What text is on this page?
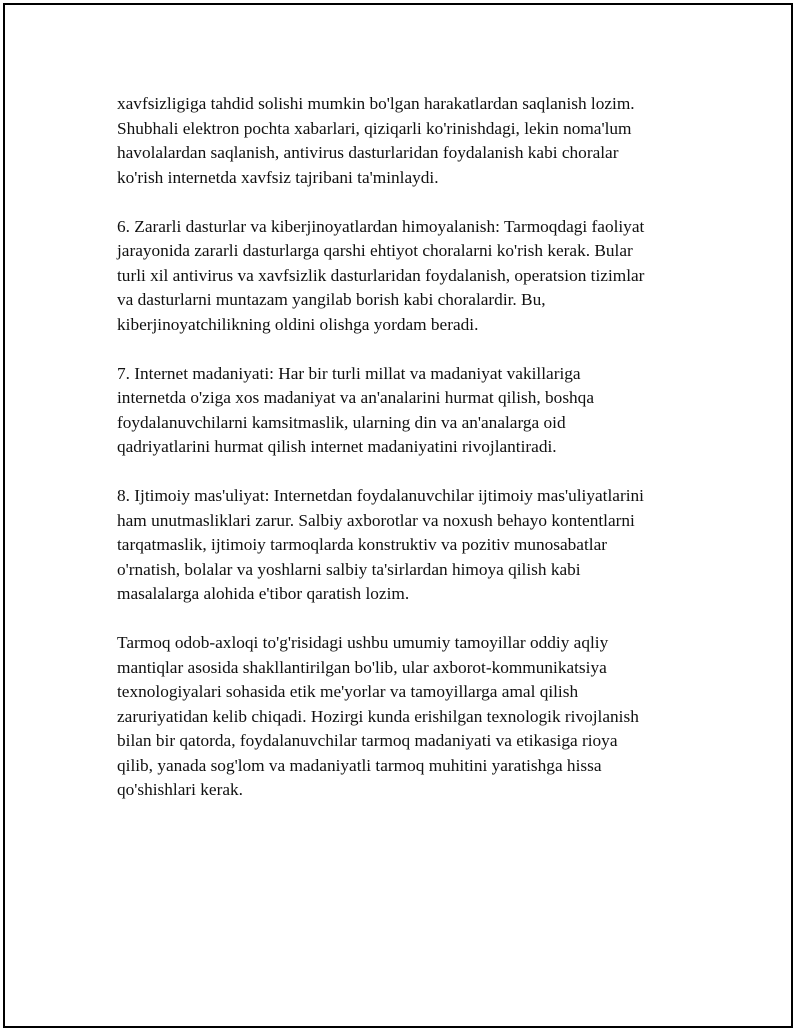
xavfsizligiga tahdid solishi mumkin bo'lgan harakatlardan saqlanish lozim.
Shubhali elektron pochta xabarlari, qiziqarli ko'rinishdagi, lekin noma'lum
havolalardan saqlanish, antivirus dasturlaridan foydalanish kabi choralar
ko'rish internetda xavfsiz tajribani ta'minlaydi.

6. Zararli dasturlar va kiberjinoyatlardan himoyalanish: Tarmoqdagi faoliyat
jarayonida zararli dasturlarga qarshi ehtiyot choralarni ko'rish kerak. Bular
turli xil antivirus va xavfsizlik dasturlaridan foydalanish, operatsion tizimlar
va dasturlarni muntazam yangilab borish kabi choralardir. Bu,
kiberjinoyatchilikning oldini olishga yordam beradi.

7. Internet madaniyati: Har bir turli millat va madaniyat vakillariga
internetda o'ziga xos madaniyat va an'analarini hurmat qilish, boshqa
foydalanuvchilarni kamsitmaslik, ularning din va an'analarga oid
qadriyatlarini hurmat qilish internet madaniyatini rivojlantiradi.

8. Ijtimoiy mas'uliyat: Internetdan foydalanuvchilar ijtimoiy mas'uliyatlarini
ham unutmasliklari zarur. Salbiy axborotlar va noxush behayo kontentlarni
tarqatmaslik, ijtimoiy tarmoqlarda konstruktiv va pozitiv munosabatlar
o'rnatish, bolalar va yoshlarni salbiy ta'sirlardan himoya qilish kabi
masalalarga alohida e'tibor qaratish lozim.

Tarmoq odob-axloqi to'g'risidagi ushbu umumiy tamoyillar oddiy aqliy
mantiqlar asosida shakllantirilgan bo'lib, ular axborot-kommunikatsiya
texnologiyalari sohasida etik me'yorlar va tamoyillarga amal qilish
zaruriyatidan kelib chiqadi. Hozirgi kunda erishilgan texnologik rivojlanish
bilan bir qatorda, foydalanuvchilar tarmoq madaniyati va etikasiga rioya
qilib, yanada sog'lom va madaniyatli tarmoq muhitini yaratishga hissa
qo'shishlari kerak.
